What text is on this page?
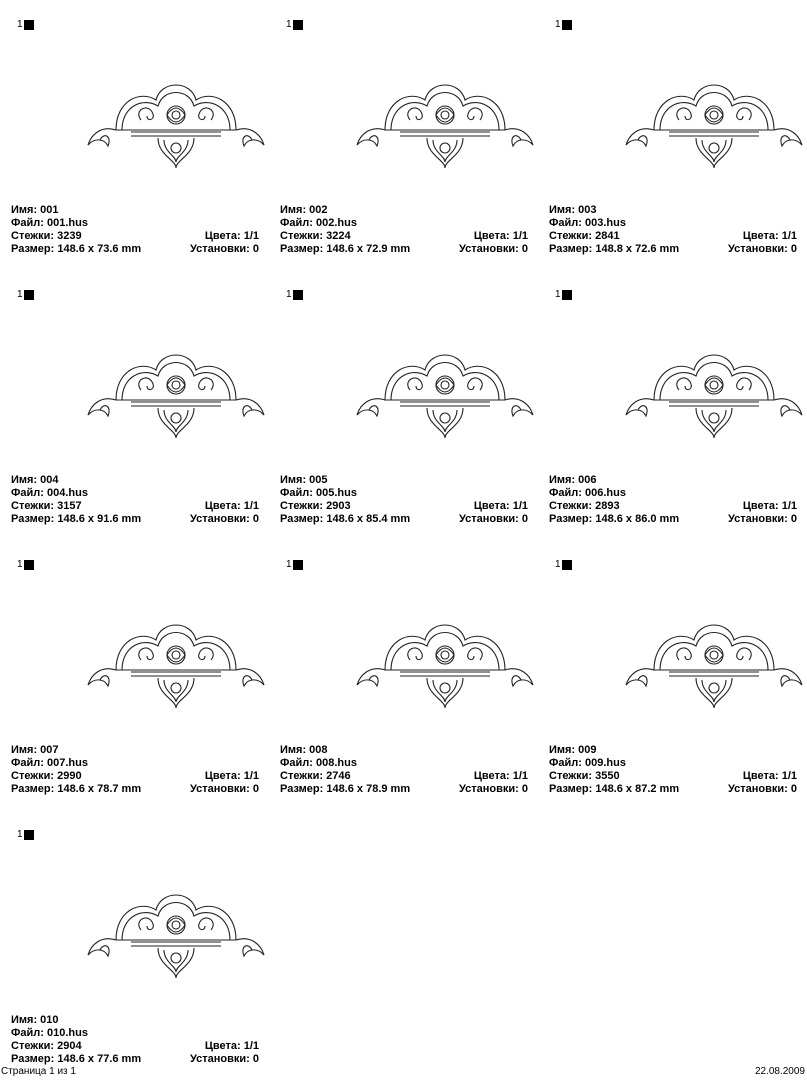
1
Имя: 001
Файл: 001.hus
Стежки: 3239	Цвета: 1/1
Размер: 148.6 x 73.6 mm	Установки: 0
1
Имя: 002
Файл: 002.hus
Стежки: 3224	Цвета: 1/1
Размер: 148.6 x 72.9 mm	Установки: 0
1
Имя: 003
Файл: 003.hus
Стежки: 2841	Цвета: 1/1
Размер: 148.8 x 72.6 mm	Установки: 0
1
Имя: 004
Файл: 004.hus
Стежки: 3157	Цвета: 1/1
Размер: 148.6 x 91.6 mm	Установки: 0
1
Имя: 005
Файл: 005.hus
Стежки: 2903	Цвета: 1/1
Размер: 148.6 x 85.4 mm	Установки: 0
1
Имя: 006
Файл: 006.hus
Стежки: 2893	Цвета: 1/1
Размер: 148.6 x 86.0 mm	Установки: 0
1
Имя: 007
Файл: 007.hus
Стежки: 2990	Цвета: 1/1
Размер: 148.6 x 78.7 mm	Установки: 0
1
Имя: 008
Файл: 008.hus
Стежки: 2746	Цвета: 1/1
Размер: 148.6 x 78.9 mm	Установки: 0
1
Имя: 009
Файл: 009.hus
Стежки: 3550	Цвета: 1/1
Размер: 148.6 x 87.2 mm	Установки: 0
1
Имя: 010
Файл: 010.hus
Стежки: 2904	Цвета: 1/1
Размер: 148.6 x 77.6 mm	Установки: 0
Страница 1 из 1	22.08.2009
